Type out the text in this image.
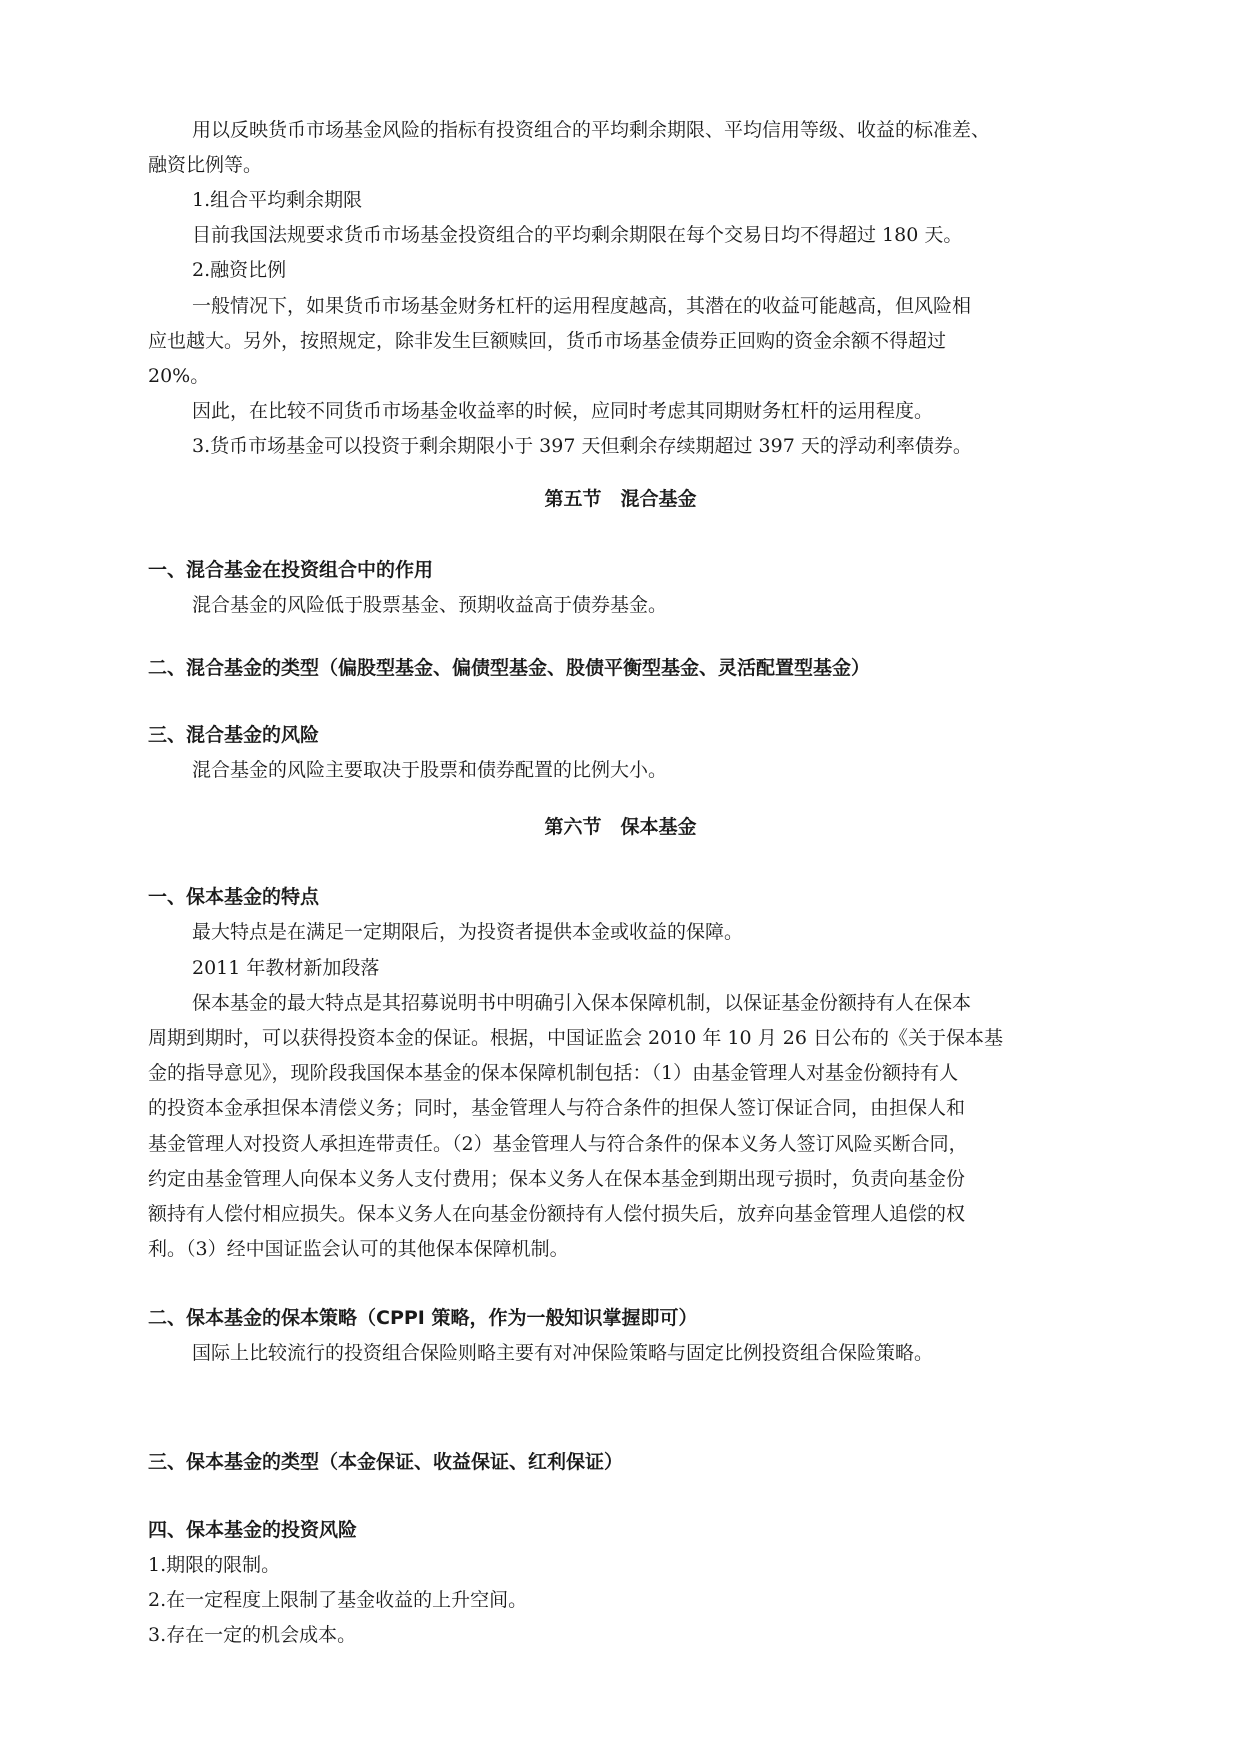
用以反映货币市场基金风险的指标有投资组合的平均剩余期限、平均信用等级、收益的标准差、
融资比例等。
1.组合平均剩余期限
目前我国法规要求货币市场基金投资组合的平均剩余期限在每个交易日均不得超过 180 天。
2.融资比例
一般情况下，如果货币市场基金财务杠杆的运用程度越高，其潜在的收益可能越高，但风险相
应也越大。另外，按照规定，除非发生巨额赎回，货币市场基金债券正回购的资金余额不得超过
20%。
因此，在比较不同货币市场基金收益率的时候，应同时考虑其同期财务杠杆的运用程度。
3.货币市场基金可以投资于剩余期限小于 397 天但剩余存续期超过 397 天的浮动利率债券。
第五节　混合基金
一、混合基金在投资组合中的作用
混合基金的风险低于股票基金、预期收益高于债券基金。
二、混合基金的类型（偏股型基金、偏债型基金、股债平衡型基金、灵活配置型基金）
三、混合基金的风险
混合基金的风险主要取决于股票和债券配置的比例大小。
第六节　保本基金
一、保本基金的特点
最大特点是在满足一定期限后，为投资者提供本金或收益的保障。
2011 年教材新加段落
保本基金的最大特点是其招募说明书中明确引入保本保障机制，以保证基金份额持有人在保本
周期到期时，可以获得投资本金的保证。根据，中国证监会 2010 年 10 月 26 日公布的《关于保本基
金的指导意见》，现阶段我国保本基金的保本保障机制包括：（1）由基金管理人对基金份额持有人
的投资本金承担保本清偿义务；同时，基金管理人与符合条件的担保人签订保证合同，由担保人和
基金管理人对投资人承担连带责任。（2）基金管理人与符合条件的保本义务人签订风险买断合同，
约定由基金管理人向保本义务人支付费用；保本义务人在保本基金到期出现亏损时，负责向基金份
额持有人偿付相应损失。保本义务人在向基金份额持有人偿付损失后，放弃向基金管理人追偿的权
利。（3）经中国证监会认可的其他保本保障机制。
二、保本基金的保本策略（CPPI 策略，作为一般知识掌握即可）
国际上比较流行的投资组合保险则略主要有对冲保险策略与固定比例投资组合保险策略。
三、保本基金的类型（本金保证、收益保证、红利保证）
四、保本基金的投资风险
1.期限的限制。
2.在一定程度上限制了基金收益的上升空间。
3.存在一定的机会成本。
